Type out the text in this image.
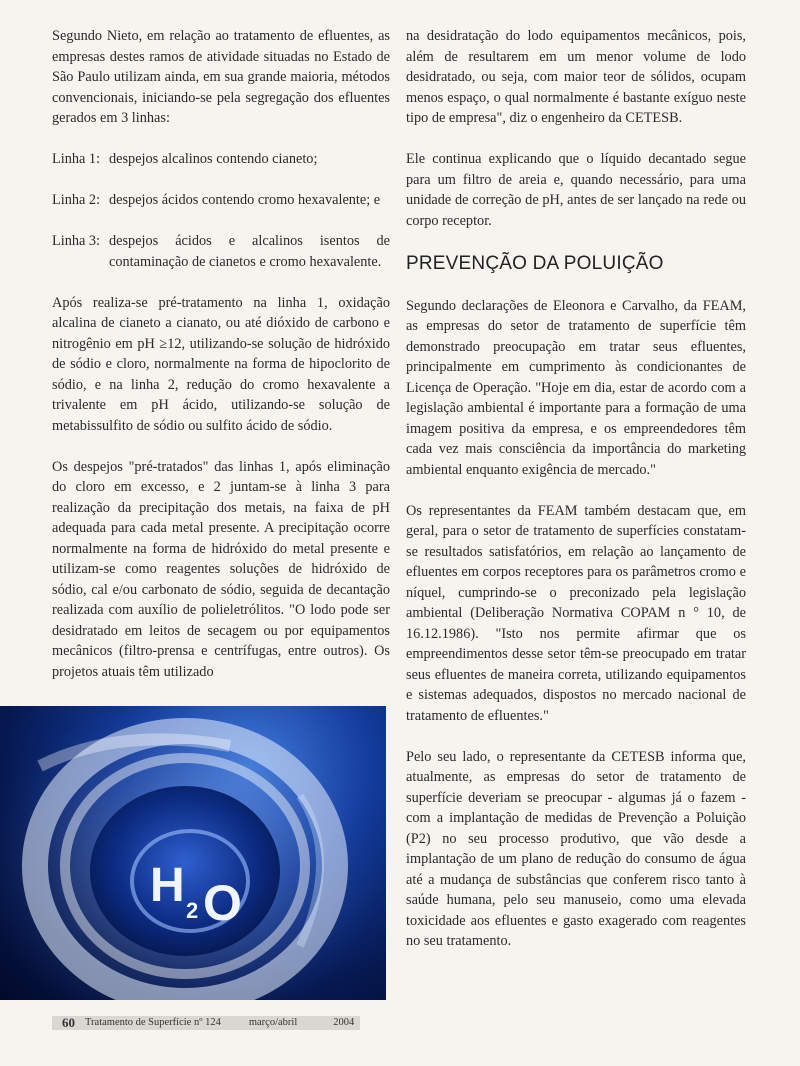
Segundo Nieto, em relação ao tratamento de efluentes, as empresas destes ramos de atividade situadas no Estado de São Paulo utilizam ainda, em sua grande maioria, métodos convencionais, iniciando-se pela segregação dos efluentes gerados em 3 linhas:

Linha 1: despejos alcalinos contendo cianeto;
Linha 2: despejos ácidos contendo cromo hexavalente; e
Linha 3: despejos ácidos e alcalinos isentos de contaminação de cianetos e cromo hexavalente.

Após realiza-se pré-tratamento na linha 1, oxidação alcalina de cianeto a cianato, ou até dióxido de carbono e nitrogênio em pH ≥12, utilizando-se solução de hidróxido de sódio e cloro, normalmente na forma de hipoclorito de sódio, e na linha 2, redução do cromo hexavalente a trivalente em pH ácido, utilizando-se solução de metabissulfito de sódio ou sulfito ácido de sódio.

Os despejos "pré-tratados" das linhas 1, após eliminação do cloro em excesso, e 2 juntam-se à linha 3 para realização da precipitação dos metais, na faixa de pH adequada para cada metal presente. A precipitação ocorre normalmente na forma de hidróxido do metal presente e utilizam-se como reagentes soluções de hidróxido de sódio, cal e/ou carbonato de sódio, seguida de decantação realizada com auxílio de polieletrólitos. "O lodo pode ser desidratado em leitos de secagem ou por equipamentos mecânicos (filtro-prensa e centrífugas, entre outros). Os projetos atuais têm utilizado

H 2 O

na desidratação do lodo equipamentos mecânicos, pois, além de resultarem em um menor volume de lodo desidratado, ou seja, com maior teor de sólidos, ocupam menos espaço, o qual normalmente é bastante exíguo neste tipo de empresa", diz o engenheiro da CETESB.

Ele continua explicando que o líquido decantado segue para um filtro de areia e, quando necessário, para uma unidade de correção de pH, antes de ser lançado na rede ou corpo receptor.

PREVENÇÃO DA POLUIÇÃO

Segundo declarações de Eleonora e Carvalho, da FEAM, as empresas do setor de tratamento de superfície têm demonstrado preocupação em tratar seus efluentes, principalmente em cumprimento às condicionantes de Licença de Operação. "Hoje em dia, estar de acordo com a legislação ambiental é importante para a formação de uma imagem positiva da empresa, e os empreendedores têm cada vez mais consciência da importância do marketing ambiental enquanto exigência de mercado."

Os representantes da FEAM também destacam que, em geral, para o setor de tratamento de superfícies constatam-se resultados satisfatórios, em relação ao lançamento de efluentes em corpos receptores para os parâmetros cromo e níquel, cumprindo-se o preconizado pela legislação ambiental (Deliberação Normativa COPAM n ° 10, de 16.12.1986). "Isto nos permite afirmar que os empreendimentos desse setor têm-se preocupado em tratar seus efluentes de maneira correta, utilizando equipamentos e sistemas adequados, dispostos no mercado nacional de tratamento de efluentes."

Pelo seu lado, o representante da CETESB informa que, atualmente, as empresas do setor de tratamento de superfície deveriam se preocupar - algumas já o fazem - com a implantação de medidas de Prevenção a Poluição (P2) no seu processo produtivo, que vão desde a implantação de um plano de redução do consumo de água até a mudança de substâncias que conferem risco tanto à saúde humana, pelo seu manuseio, como uma elevada toxicidade aos efluentes e gasto exagerado com reagentes no seu tratamento.

60 Tratamento de Superfície nº 124	março/abril	2004
